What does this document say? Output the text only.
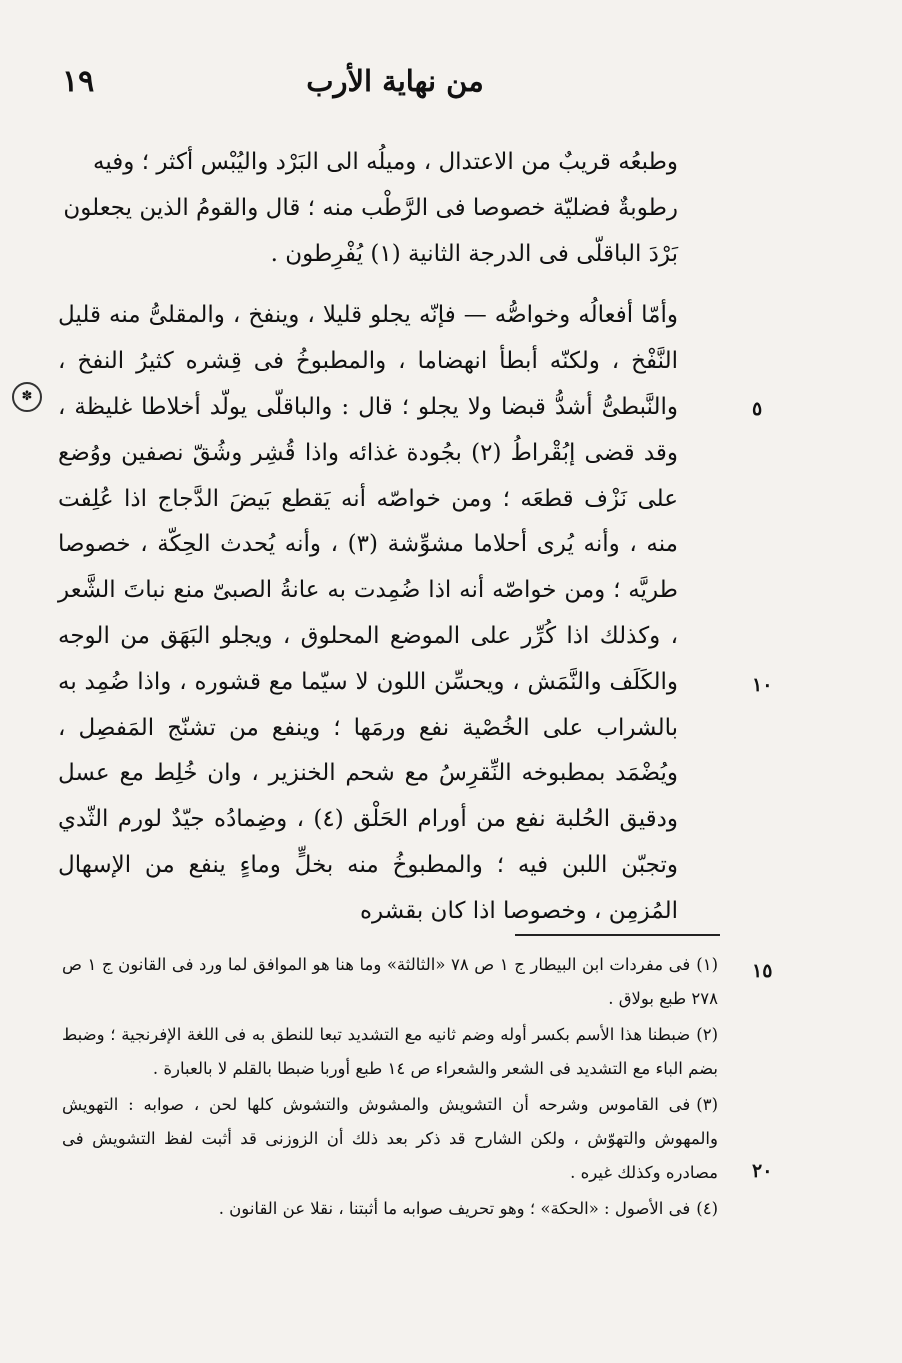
١٩	من نهاية الأرب

وطبعُه قريبٌ من الاعتدال ، وميلُه الى البَرْد واليُبْس أكثر ؛ وفيه رطوبةٌ فضليّة خصوصا فى الرَّطْب منه ؛ قال والقومُ الذين يجعلون بَرْدَ الباقلّى فى الدرجة الثانية (١) يُفْرِطون .

وأمّا أفعالُه وخواصُّه — فإنّه يجلو قليلا ، وينفخ ، والمقلىُّ منه قليل النَّفْخ ، ولكنّه أبطأ انهضاما ، والمطبوخُ فى قِشره كثيرُ النفخ ، والنَّبطىُّ أشدُّ قبضا ولا يجلو ؛ قال : والباقلّى يولّد أخلاطا غليظة ، وقد قضى إبُقْراطُ (٢) بجُودة غذائه واذا قُشِر وشُقّ نصفين ووُضع على نَزْف قطعَه ؛ ومن خواصّه أنه يَقطع بَيضَ الدَّجاج اذا عُلِفت منه ، وأنه يُرى أحلاما مشوِّشة (٣) ، وأنه يُحدث الحِكّة ، خصوصا طريَّه ؛ ومن خواصّه أنه اذا ضُمِدت به عانةُ الصبىّ منع نباتَ الشَّعر ، وكذلك اذا كُرِّر على الموضع المحلوق ، ويجلو البَهَق من الوجه والكَلَف والنَّمَش ، ويحسِّن اللون لا سيّما مع قشوره ، واذا ضُمِد به بالشراب على الخُصْية نفع ورمَها ؛ وينفع من تشنّج المَفصِل ، ويُضْمَد بمطبوخه النِّقرِسُ مع شحم الخنزير ، وان خُلِط مع عسل ودقيق الحُلبة نفع من أورام الحَلْق (٤) ، وضِمادُه جيّدٌ لورم الثّدي وتجبّن اللبن فيه ؛ والمطبوخُ منه بخلٍّ وماءٍ ينفع من الإسهال المُزمِن ، وخصوصا اذا كان بقشره

(١)فى مفردات ابن البيطار ج ١ ص ٧٨ «الثالثة» وما هنا هو الموافق لما ورد فى القانون ج ١ ص ٢٧٨ طبع بولاق .

(٢)ضبطنا هذا الأسم بكسر أوله وضم ثانيه مع التشديد تبعا للنطق به فى اللغة الإفرنجية ؛ وضبط بضم الباء مع التشديد فى الشعر والشعراء ص ١٤ طبع أوربا ضبطا بالقلم لا بالعبارة .

(٣)فى القاموس وشرحه أن التشويش والمشوش والتشوش كلها لحن ، صوابه : التهويش والمهوش والتهوّش ، ولكن الشارح قد ذكر بعد ذلك أن الزوزنى قد أثبت لفظ التشويش فى مصادره وكذلك غيره .

(٤)فى الأصول : «الحكة» ؛ وهو تحريف صوابه ما أثبتنا ، نقلا عن القانون .

٥
١٠
١٥
٢٠
✽
